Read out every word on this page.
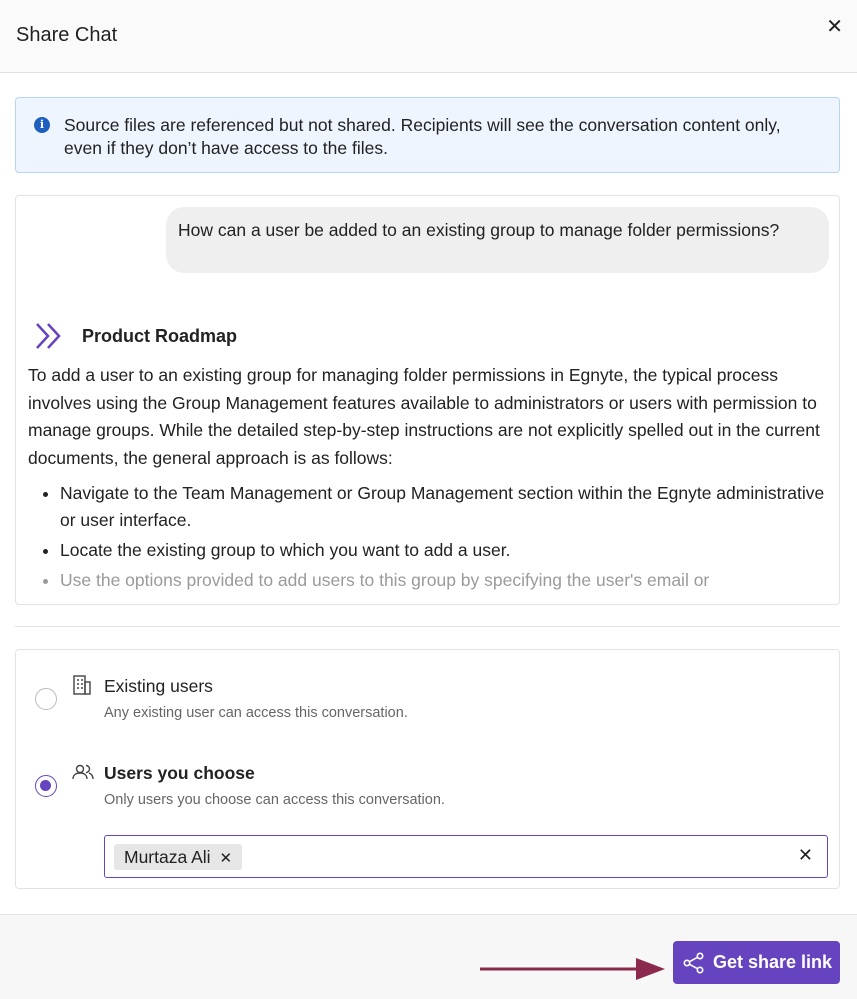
Share Chat	✕
i	Source files are referenced but not shared. Recipients will see the conversation content only, even if they don’t have access to the files.
How can a user be added to an existing group to manage folder permissions?
Product Roadmap

To add a user to an existing group for managing folder permissions in Egnyte, the typical process involves using the Group Management features available to administrators or users with permission to manage groups. While the detailed step-by-step instructions are not explicitly spelled out in the current documents, the general approach is as follows:

• Navigate to the Team Management or Group Management section within the Egnyte administrative or user interface.
• Locate the existing group to which you want to add a user.
• Use the options provided to add users to this group by specifying the user's email or
Existing users
Any existing user can access this conversation.
Users you choose
Only users you choose can access this conversation.
Murtaza Ali ✕	✕
Get share link
